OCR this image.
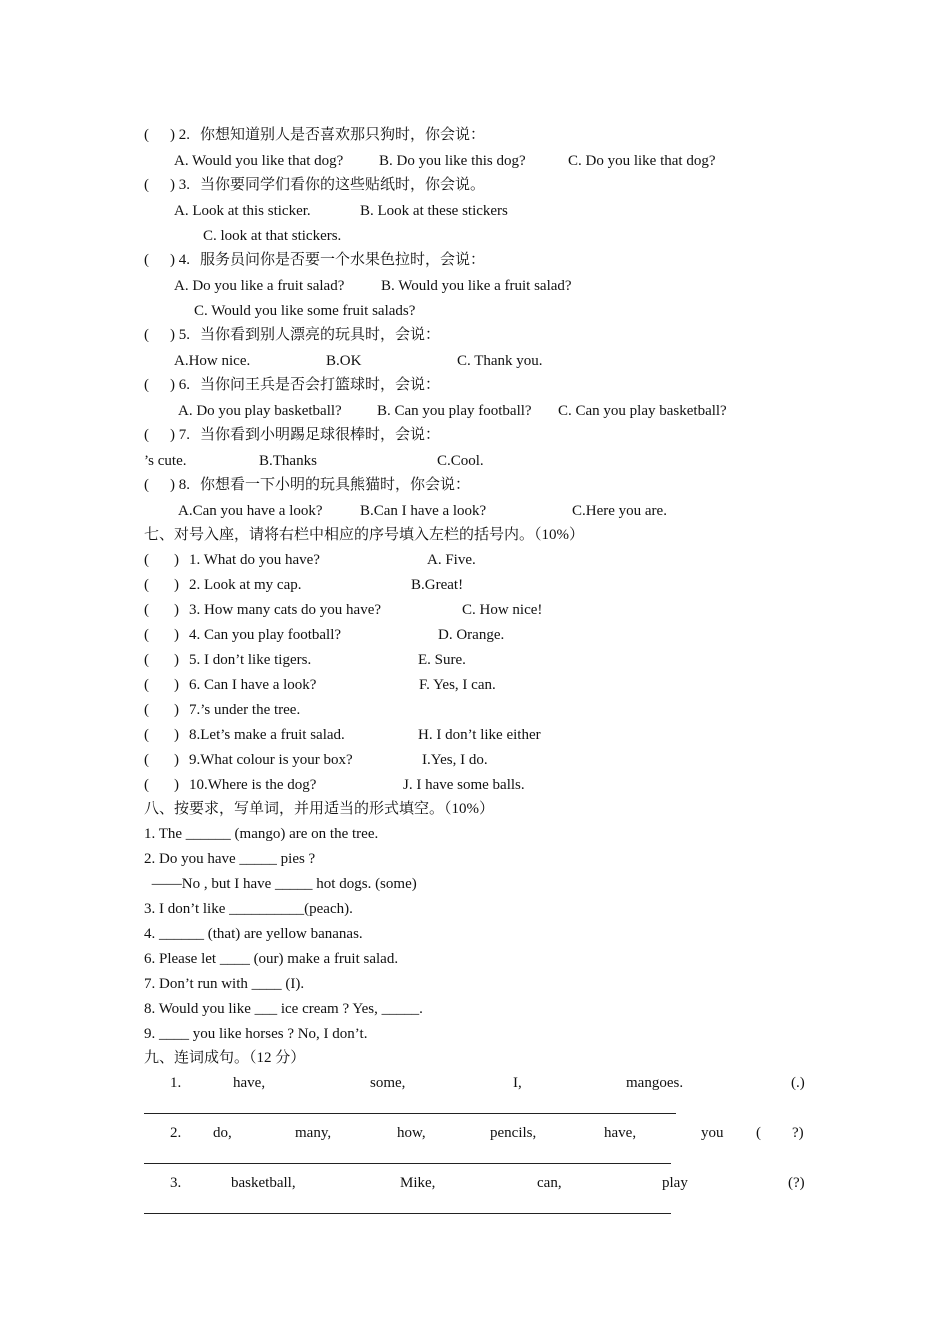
( ) 2. 你想知道别人是否喜欢那只狗时，你会说：
A. Would you like that dog? B. Do you like this dog?	C. Do you like that dog?
( ) 3. 当你要同学们看你的这些贴纸时，你会说。
A. Look at this sticker.	B. Look at these stickers
C. look at that stickers.
( ) 4. 服务员问你是否要一个水果色拉时，会说：
A. Do you like a fruit salad? B. Would you like a fruit salad?
C. Would you like some fruit salads?
( ) 5. 当你看到别人漂亮的玩具时，会说：
A.How nice.	B.OK	C. Thank you.
( ) 6. 当你问王兵是否会打篮球时，会说：
A. Do you play basketball? B. Can you play football? C. Can you play basketball?
( ) 7. 当你看到小明踢足球很棒时，会说：
’s cute.	B.Thanks	C.Cool.
( ) 8. 你想看一下小明的玩具熊猫时，你会说：
A.Can you have a look? B.Can I have a look?	C.Here you are.
七、对号入座，请将右栏中相应的序号填入左栏的括号内。（10%）
( ) 1. What do you have?	A. Five.
( ) 2. Look at my cap.	B.Great!
( ) 3. How many cats do you have?	C. How nice!
( ) 4. Can you play football?	D. Orange.
( ) 5. I don’t like tigers.	E. Sure.
( ) 6. Can I have a look?	F. Yes, I can.
( ) 7.’s under the tree.
( ) 8.Let’s make a fruit salad.	H. I don’t like either
( ) 9.What colour is your box?	I.Yes, I do.
( ) 10.Where is the dog?	J. I have some balls.
八、按要求，写单词，并用适当的形式填空。（10%）
1. The ______ (mango) are on the tree.
2. Do you have _____ pies ?
——No , but I have _____ hot dogs. (some)
3. I don’t like __________(peach).
4. ______ (that) are yellow bananas.
6. Please let ____ (our) make a fruit salad.
7. Don’t run with ____ (I).
8. Would you like ___ ice cream ? Yes, _____.
9. ____ you like horses ? No, I don’t.
九、连词成句。（12 分）
1.	have,	some,	I,	mangoes.	(.)
2. do,	many,	how,	pencils,	have,	you ( ?)
3.	basketball,	Mike,	can,	play	(?)
